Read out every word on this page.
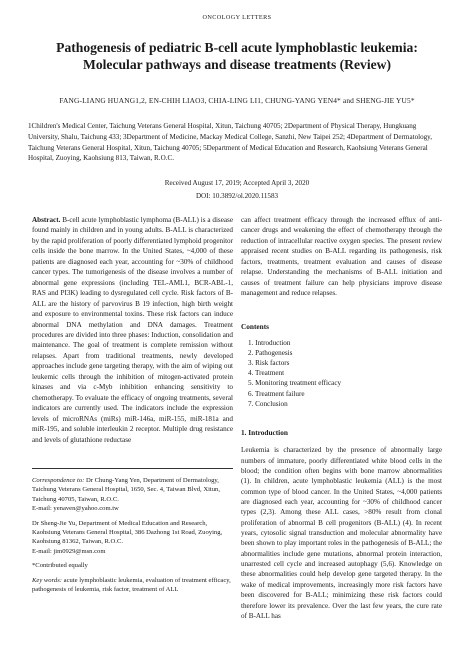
ONCOLOGY LETTERS
Pathogenesis of pediatric B-cell acute lymphoblastic leukemia: Molecular pathways and disease treatments (Review)
FANG-LIANG HUANG1,2, EN-CHIH LIAO3, CHIA-LING LI1, CHUNG-YANG YEN4* and SHENG-JIE YU5*

1Children's Medical Center, Taichung Veterans General Hospital, Xitun, Taichung 40705; 2Department of Physical Therapy, Hungkuang University, Shalu, Taichung 433; 3Department of Medicine, Mackay Medical College, Sanzhi, New Taipei 252; 4Department of Dermatology, Taichung Veterans General Hospital, Xitun, Taichung 40705; 5Department of Medical Education and Research, Kaohsiung Veterans General Hospital, Zuoying, Kaohsiung 813, Taiwan, R.O.C.

Received August 17, 2019; Accepted April 3, 2020
DOI: 10.3892/ol.2020.11583

Abstract. B-cell acute lymphoblastic lymphoma (B-ALL) is a disease found mainly in children and in young adults. B-ALL is characterized by the rapid proliferation of poorly differentiated lymphoid progenitor cells inside the bone marrow. In the United States, ~4,000 of these patients are diagnosed each year, accounting for ~30% of childhood cancer types. The tumorigenesis of the disease involves a number of abnormal gene expressions (including TEL-AML1, BCR-ABL-1, RAS and PI3K) leading to dysregulated cell cycle. Risk factors of B-ALL are the history of parvovirus B 19 infection, high birth weight and exposure to environmental toxins. These risk factors can induce abnormal DNA methylation and DNA damages. Treatment procedures are divided into three phases: Induction, consolidation and maintenance. The goal of treatment is complete remission without relapses. Apart from traditional treatments, newly developed approaches include gene targeting therapy, with the aim of wiping out leukemic cells through the inhibition of mitogen-activated protein kinases and via c-Myb inhibition enhancing sensitivity to chemotherapy. To evaluate the efficacy of ongoing treatments, several indicators are currently used. The indicators include the expression levels of microRNAs (miRs) miR-146a, miR-155, miR-181a and miR-195, and soluble interleukin 2 receptor. Multiple drug resistance and levels of glutathione reductase

Correspondence to: Dr Chung-Yang Yen, Department of Dermatology, Taichung Veterans General Hospital, 1650, Sec. 4, Taiwan Blvd, Xitun, Taichung 40705, Taiwan, R.O.C.
E-mail: yenaven@yahoo.com.tw

Dr Sheng-Jie Yu, Department of Medical Education and Research, Kaohsiung Veterans General Hospital, 386 Dazhong 1st Road, Zuoying, Kaohsiung 81362, Taiwan, R.O.C.
E-mail: jim0929@msn.com

*Contributed equally

Key words: acute lymphoblastic leukemia, evaluation of treatment efficacy, pathogenesis of leukemia, risk factor, treatment of ALL

can affect treatment efficacy through the increased efflux of anti-cancer drugs and weakening the effect of chemotherapy through the reduction of intracellular reactive oxygen species. The present review appraised recent studies on B-ALL regarding its pathogenesis, risk factors, treatments, treatment evaluation and causes of disease relapse. Understanding the mechanisms of B-ALL initiation and causes of treatment failure can help physicians improve disease management and reduce relapses.

Contents
1. Introduction
2. Pathogenesis
3. Risk factors
4. Treatment
5. Monitoring treatment efficacy
6. Treatment failure
7. Conclusion
1. Introduction

Leukemia is characterized by the presence of abnormally large numbers of immature, poorly differentiated white blood cells in the blood; the condition often begins with bone marrow abnormalities (1). In children, acute lymphoblastic leukemia (ALL) is the most common type of blood cancer. In the United States, ~4,000 patients are diagnosed each year, accounting for ~30% of childhood cancer types (2,3). Among these ALL cases, >80% result from clonal proliferation of abnormal B cell progenitors (B-ALL) (4). In recent years, cytosolic signal transduction and molecular abnormality have been shown to play important roles in the pathogenesis of B-ALL; the abnormalities include gene mutations, abnormal protein interaction, unarrested cell cycle and increased autophagy (5,6). Knowledge on these abnormalities could help develop gene targeted therapy. In the wake of medical improvements, increasingly more risk factors have been discovered for B-ALL; minimizing these risk factors could therefore lower its prevalence. Over the last few years, the cure rate of B-ALL has
